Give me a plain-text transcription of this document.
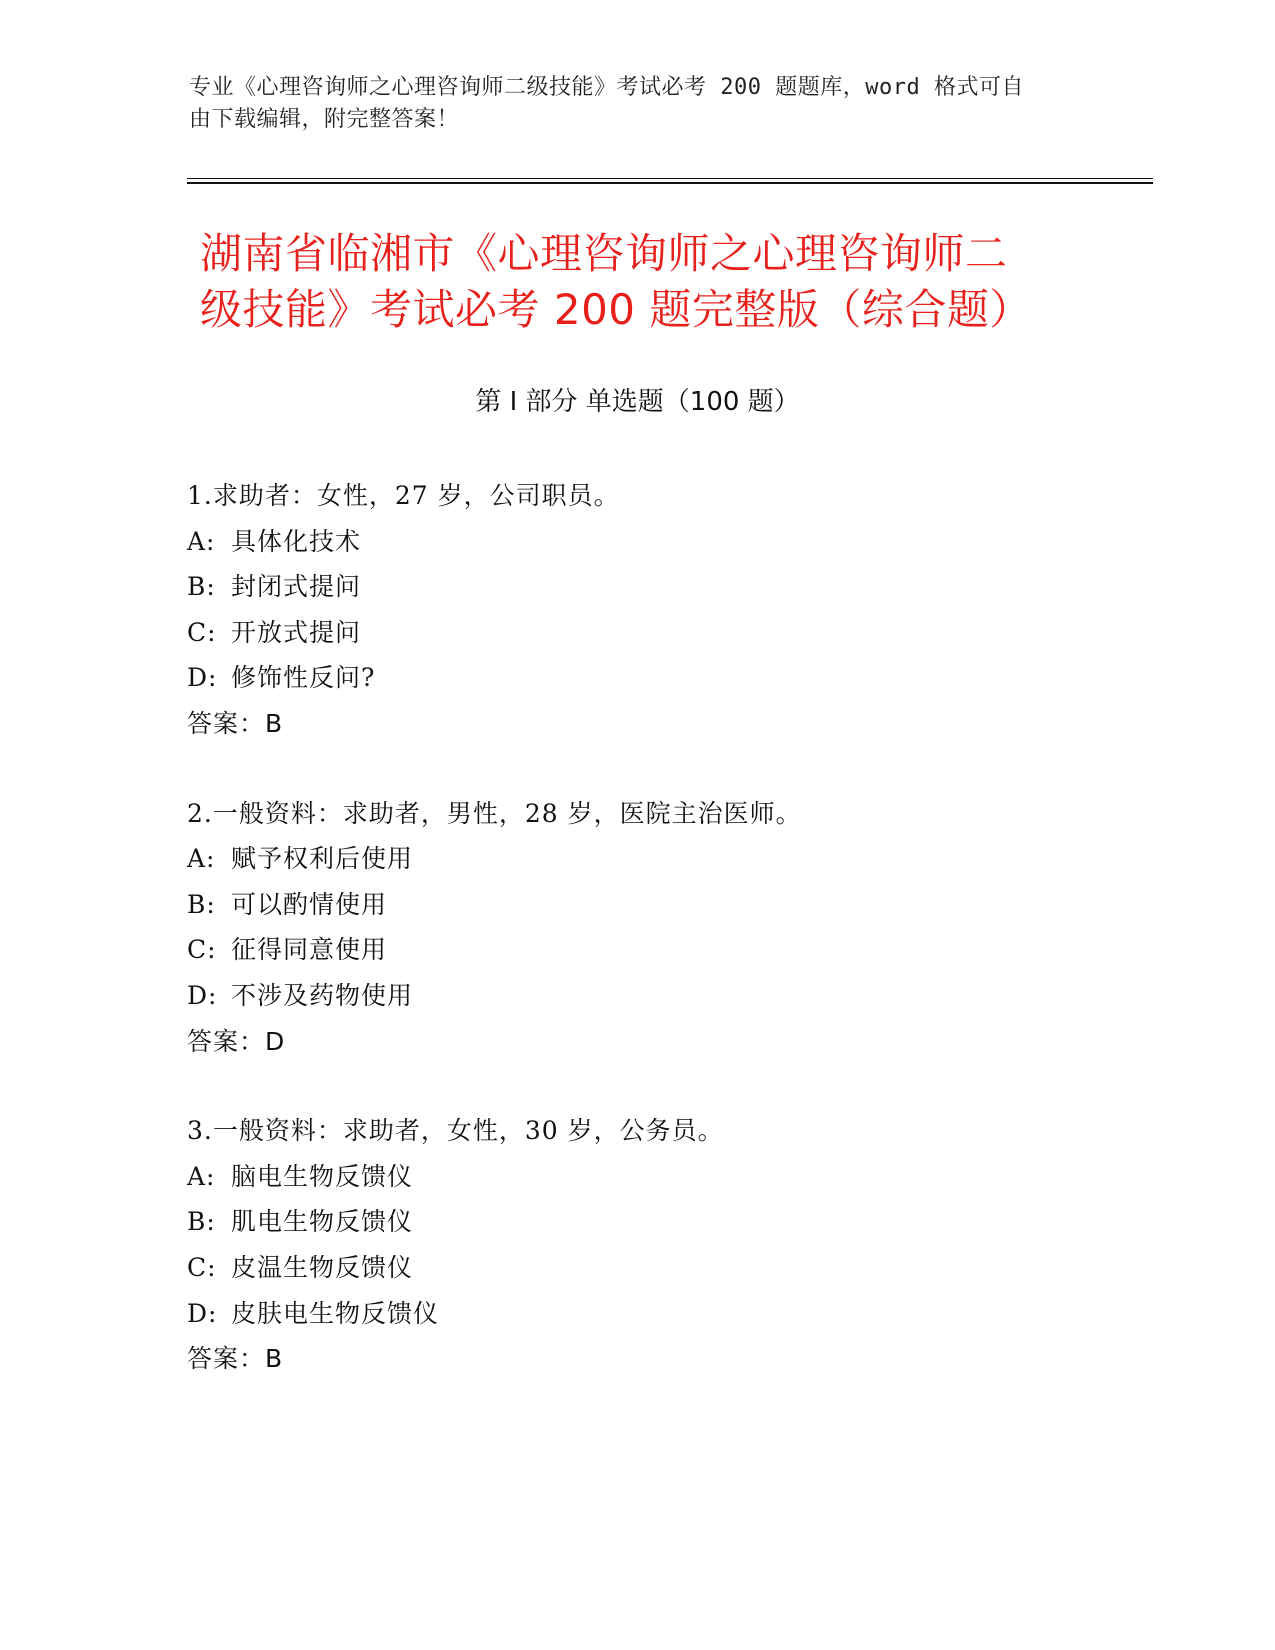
专业《心理咨询师之心理咨询师二级技能》考试必考 200 题题库，word 格式可自
由下载编辑，附完整答案！
湖南省临湘市《心理咨询师之心理咨询师二
级技能》考试必考 200 题完整版（综合题）
第 I 部分 单选题（100 题）
1.求助者：女性，27 岁，公司职员。
A: 具体化技术
B: 封闭式提问
C: 开放式提问
D: 修饰性反问?
答案：B
2.一般资料：求助者，男性，28 岁，医院主治医师。
A: 赋予权利后使用
B: 可以酌情使用
C: 征得同意使用
D: 不涉及药物使用
答案：D
3.一般资料：求助者，女性，30 岁，公务员。
A: 脑电生物反馈仪
B: 肌电生物反馈仪
C: 皮温生物反馈仪
D: 皮肤电生物反馈仪
答案：B
